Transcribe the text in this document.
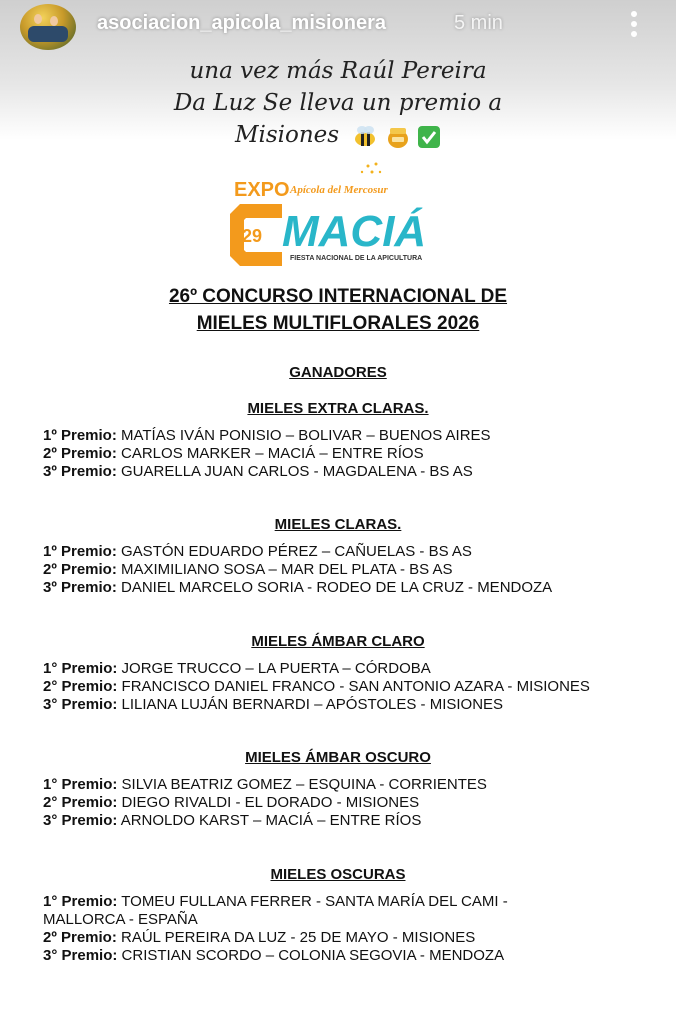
asociacion_apicola_misionera	5 min
una vez más Raúl Pereira
Da Luz Se lleva un premio a
Misiones
EXPO Apícola del Mercosur
29 MACIÁ
FIESTA NACIONAL DE LA APICULTURA
26º CONCURSO INTERNACIONAL DE
MIELES MULTIFLORALES 2026
GANADORES
MIELES EXTRA CLARAS.
1º Premio: MATÍAS IVÁN PONISIO – BOLIVAR – BUENOS AIRES
2º Premio: CARLOS MARKER – MACIÁ – ENTRE RÍOS
3º Premio: GUARELLA JUAN CARLOS - MAGDALENA - BS AS
MIELES CLARAS.
1º Premio: GASTÓN EDUARDO PÉREZ – CAÑUELAS - BS AS
2º Premio: MAXIMILIANO SOSA – MAR DEL PLATA - BS AS
3º Premio: DANIEL MARCELO SORIA - RODEO DE LA CRUZ - MENDOZA
MIELES ÁMBAR CLARO
1° Premio: JORGE TRUCCO – LA PUERTA – CÓRDOBA
2° Premio: FRANCISCO DANIEL FRANCO - SAN ANTONIO AZARA - MISIONES
3° Premio: LILIANA LUJÁN BERNARDI – APÓSTOLES - MISIONES
MIELES ÁMBAR OSCURO
1° Premio: SILVIA BEATRIZ GOMEZ – ESQUINA - CORRIENTES
2° Premio: DIEGO RIVALDI - EL DORADO - MISIONES
3° Premio: ARNOLDO KARST – MACIÁ – ENTRE RÍOS
MIELES OSCURAS
1° Premio: TOMEU FULLANA FERRER - SANTA MARÍA DEL CAMI -
MALLORCA - ESPAÑA
2º Premio: RAÚL PEREIRA DA LUZ - 25 DE MAYO - MISIONES
3° Premio: CRISTIAN SCORDO – COLONIA SEGOVIA - MENDOZA
